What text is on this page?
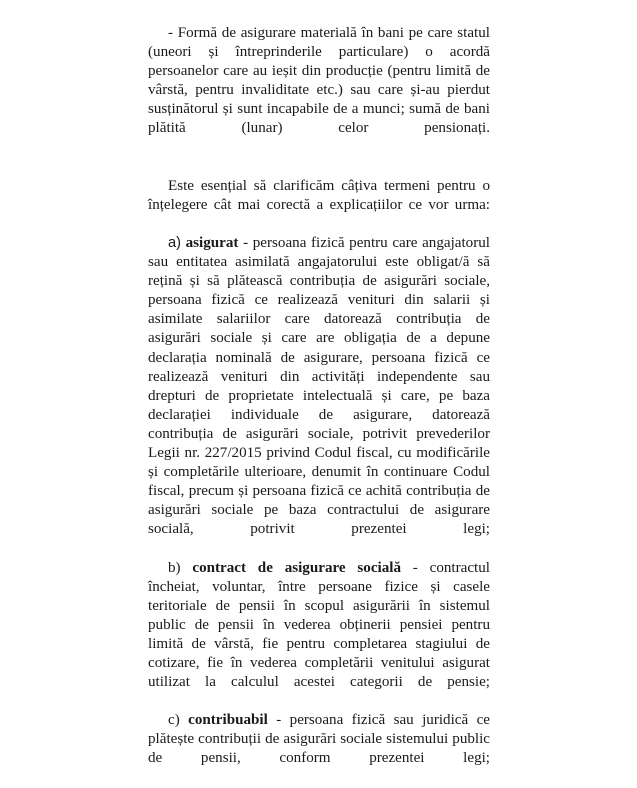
- Formă de asigurare materială în bani pe care statul (uneori și întreprinderile particulare) o acordă persoanelor care au ieșit din producție (pentru limită de vârstă, pentru invaliditate etc.) sau care și-au pierdut susținătorul și sunt incapabile de a munci; sumă de bani plătită (lunar) celor pensionați.

Este esențial să clarificăm câțiva termeni pentru o înțelegere cât mai corectă a explicațiilor ce vor urma:

a) asigurat - persoana fizică pentru care angajatorul sau entitatea asimilată angajatorului este obligat/ă să rețină și să plătească contribuția de asigurări sociale, persoana fizică ce realizează venituri din salarii și asimilate salariilor care datorează contribuția de asigurări sociale și care are obligația de a depune declarația nominală de asigurare, persoana fizică ce realizează venituri din activități independente sau drepturi de proprietate intelectuală și care, pe baza declarației individuale de asigurare, datorează contribuția de asigurări sociale, potrivit prevederilor Legii nr. 227/2015 privind Codul fiscal, cu modificările și completările ulterioare, denumit în continuare Codul fiscal, precum și persoana fizică ce achită contribuția de asigurări sociale pe baza contractului de asigurare socială, potrivit prezentei legi;

b) contract de asigurare socială - contractul încheiat, voluntar, între persoane fizice și casele teritoriale de pensii în scopul asigurării în sistemul public de pensii în vederea obținerii pensiei pentru limită de vârstă, fie pentru completarea stagiului de cotizare, fie în vederea completării venitului asigurat utilizat la calculul acestei categorii de pensie;

c) contribuabil - persoana fizică sau juridică ce plătește contribuții de asigurări sociale sistemului public de pensii, conform prezentei legi;
